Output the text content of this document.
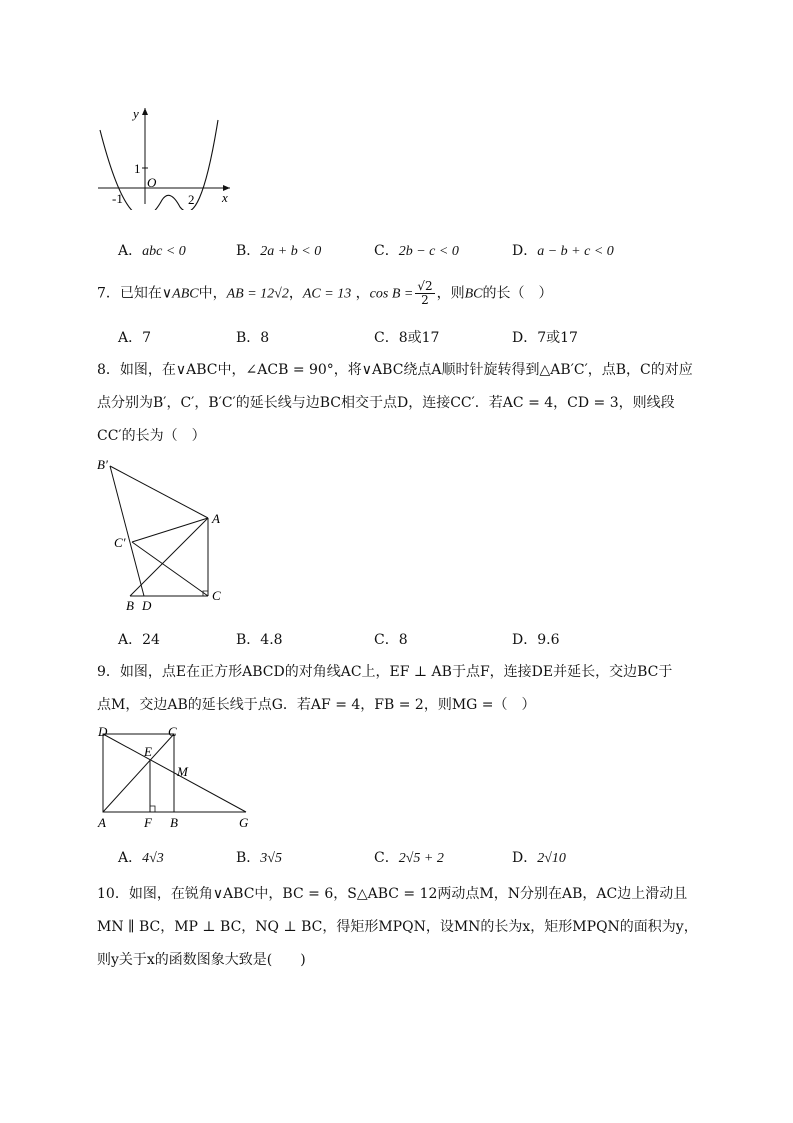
y
x
1
O
-1	2
A．abc < 0	B．2a + b < 0	C．2b − c < 0	D．a − b + c < 0
7．已知在∨ABC中，AB = 12√2，AC = 13 ，$\cos B = \frac{√2}{2}$ ，则BC的长（　）
A．7	B．8	C．8或17	D．7或17
8．如图，在∨ABC中，∠ACB = 90°，将∨ABC绕点A顺时针旋转得到△AB′C′，点B，C的对应
点分别为B′，C′，B′C′的延长线与边BC相交于点D，连接CC′．若AC = 4，CD = 3，则线段
CC′的长为（　）
B′
A
C′
C
B D
A．24	B．4.8	C．8	D．9.6
9．如图，点E在正方形ABCD的对角线AC上，EF ⊥ AB于点F，连接DE并延长，交边BC于
点M，交边AB的延长线于点G．若AF = 4，FB = 2，则MG =（　）
D	C
E
M
A	F B	G
A．4√3	B．3√5	C．2√5 + 2	D．2√10
10．如图，在锐角∨ABC中，BC = 6，S△ABC = 12两动点M，N分别在AB，AC边上滑动且
MN ∥ BC，MP ⊥ BC，NQ ⊥ BC，得矩形MPQN，设MN的长为x，矩形MPQN的面积为y，
则y关于x的函数图象大致是(　　)
